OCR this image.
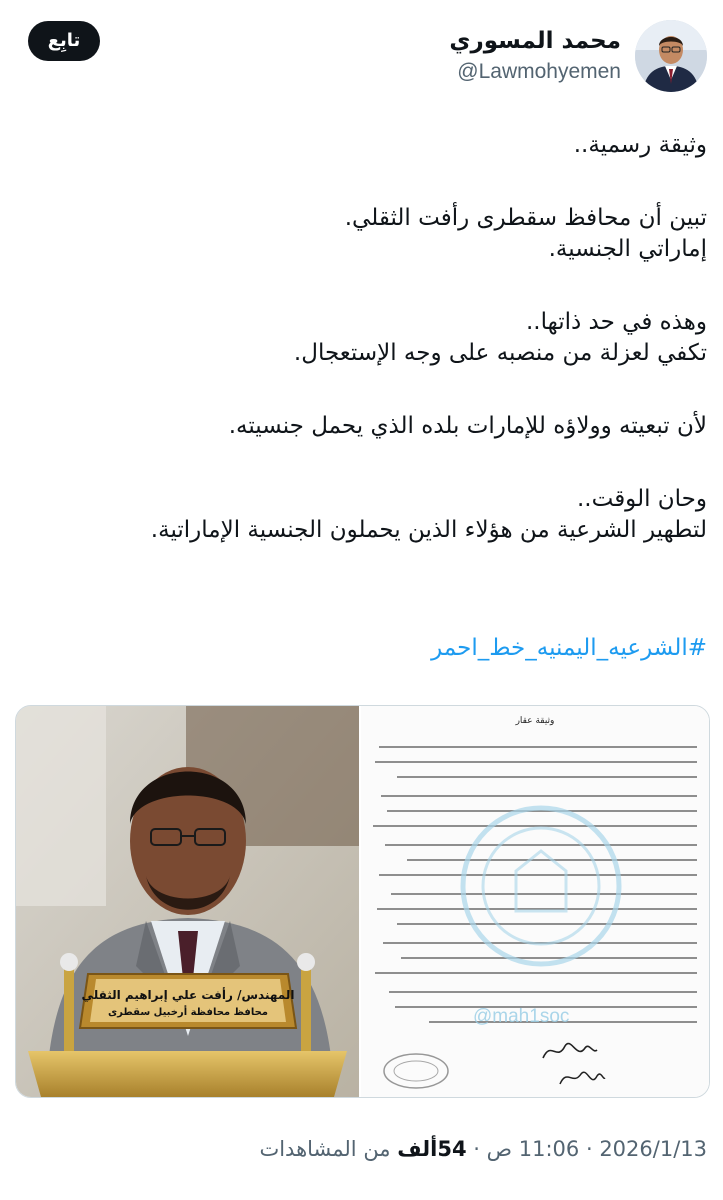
محمد المسوري
@Lawmohyemen
تابِع
وثيقة رسمية..
تبين أن محافظ سقطرى رأفت الثقلي.
إماراتي الجنسية.
وهذه في حد ذاتها..
تكفي لعزلة من منصبه على وجه الإستعجال.
لأن تبعيته وولاؤه للإمارات بلده الذي يحمل جنسيته.
وحان الوقت..
لتطهير الشرعية من هؤلاء الذين يحملون الجنسية الإماراتية.
#الشرعيه_اليمنيه_خط_احمر
المهندس/ رأفت علي إبراهيم الثقلي
محافظ محافظة أرخبيل سقطرى
وثيقة عقار
@mah1soc
2026/1/13 · 11:06 ص · 54ألف من المشاهدات
